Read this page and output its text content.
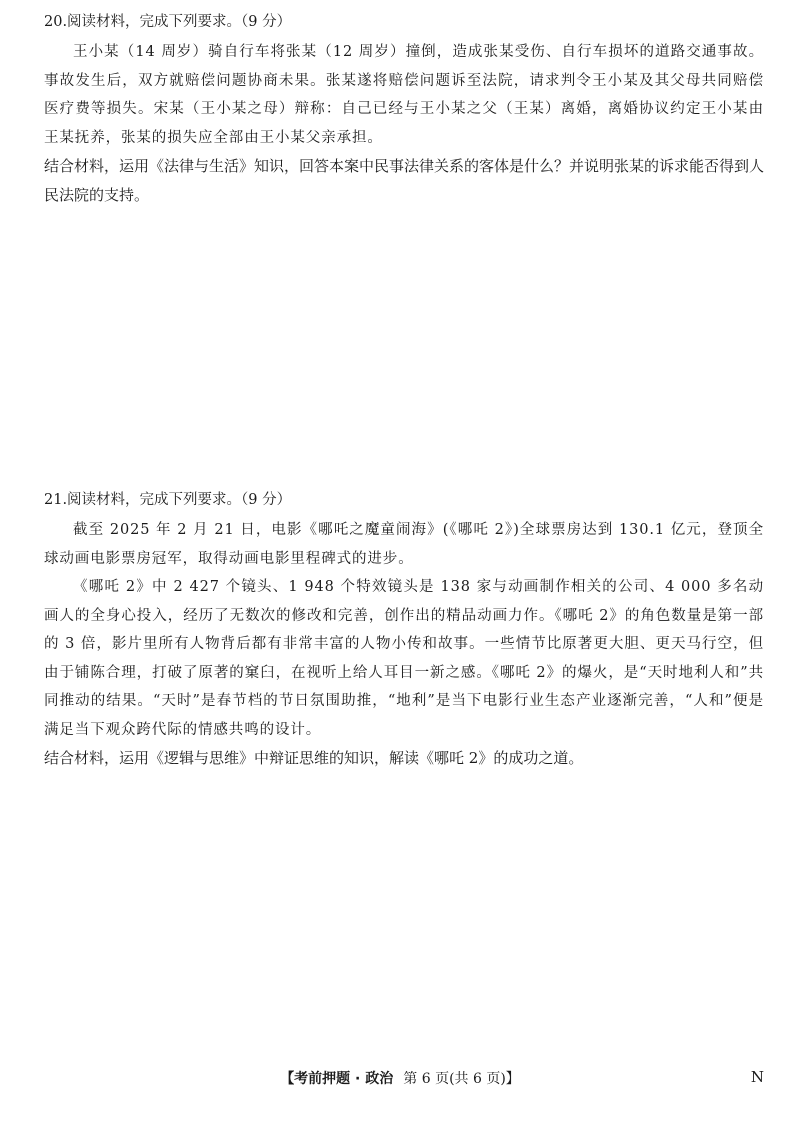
20.阅读材料，完成下列要求。（9 分）

王小某（14 周岁）骑自行车将张某（12 周岁）撞倒，造成张某受伤、自行车损坏的道路交通事故。事故发生后，双方就赔偿问题协商未果。张某遂将赔偿问题诉至法院，请求判令王小某及其父母共同赔偿医疗费等损失。宋某（王小某之母）辩称：自己已经与王小某之父（王某）离婚，离婚协议约定王小某由王某抚养，张某的损失应全部由王小某父亲承担。

结合材料，运用《法律与生活》知识，回答本案中民事法律关系的客体是什么？并说明张某的诉求能否得到人民法院的支持。

21.阅读材料，完成下列要求。（9 分）

截至 2025 年 2 月 21 日，电影《哪吒之魔童闹海》(《哪吒 2》)全球票房达到 130.1 亿元，登顶全球动画电影票房冠军，取得动画电影里程碑式的进步。

《哪吒 2》中 2 427 个镜头、1 948 个特效镜头是 138 家与动画制作相关的公司、4 000 多名动画人的全身心投入，经历了无数次的修改和完善，创作出的精品动画力作。《哪吒 2》的角色数量是第一部的 3 倍，影片里所有人物背后都有非常丰富的人物小传和故事。一些情节比原著更大胆、更天马行空，但由于铺陈合理，打破了原著的窠臼，在视听上给人耳目一新之感。《哪吒 2》的爆火，是“天时地利人和”共同推动的结果。“天时”是春节档的节日氛围助推，“地利”是当下电影行业生态产业逐渐完善，“人和”便是满足当下观众跨代际的情感共鸣的设计。

结合材料，运用《逻辑与思维》中辩证思维的知识，解读《哪吒 2》的成功之道。

【考前押题 · 政治 第 6 页(共 6 页)】	N
